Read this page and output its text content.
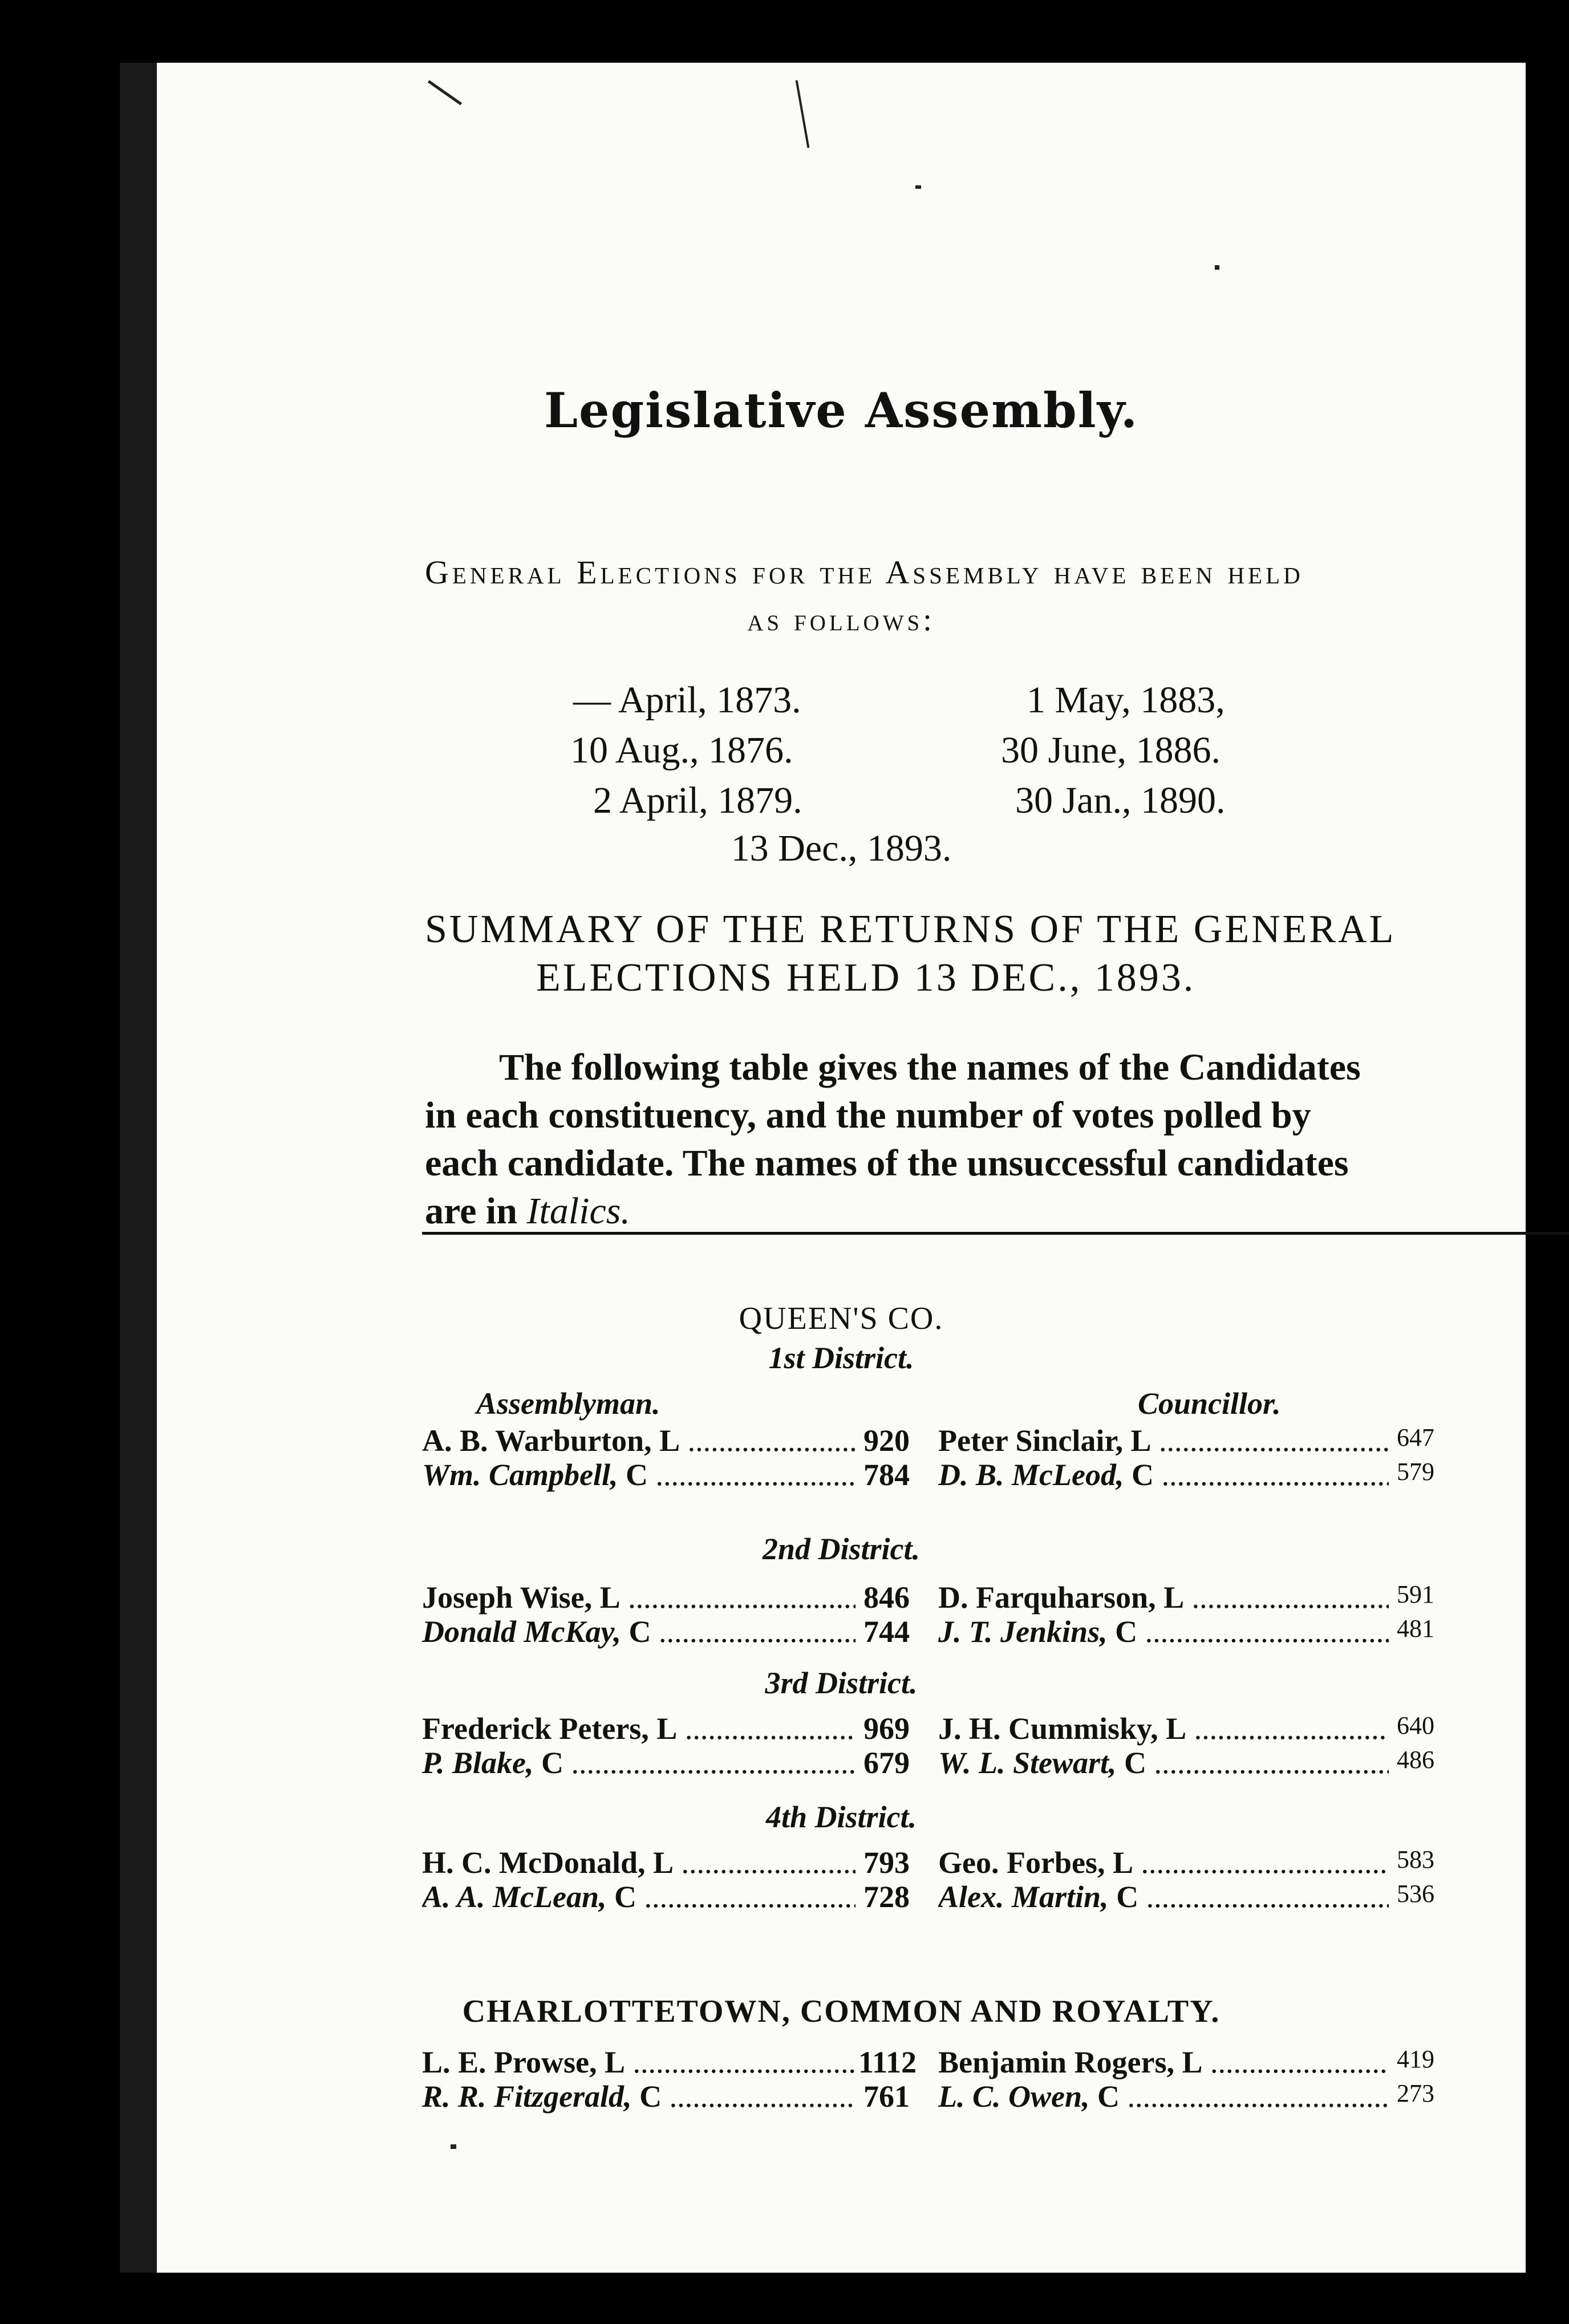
Legislative Assembly.
General Elections for the Assembly have been held
as follows:
— April, 1873.	1 May, 1883,
10 Aug., 1876.	30 June, 1886.
2 April, 1879.	30 Jan., 1890.
13 Dec., 1893.
SUMMARY OF THE RETURNS OF THE GENERAL
ELECTIONS HELD 13 DEC., 1893.
The following table gives the names of the Candidates
in each constituency, and the number of votes polled by
each candidate. The names of the unsuccessful candidates
are in Italics.
QUEEN'S CO.
1st District.
Assemblyman.	Councillor.
A. B. Warburton, L .....	920 Peter Sinclair, L .....	647
Wm. Campbell, C .....	784 D. B. McLeod, C .....	579
2nd District.
Joseph Wise, L .....	846 D. Farquharson, L .....	591
Donald McKay, C .....	744 J. T. Jenkins, C .....	481
3rd District.
Frederick Peters, L .....	969 J. H. Cummisky, L .....	640
P. Blake, C .....	679 W. L. Stewart, C .....	486
4th District.
H. C. McDonald, L .....	793 Geo. Forbes, L .....	583
A. A. McLean, C .....	728 Alex. Martin, C .....	536
CHARLOTTETOWN, COMMON AND ROYALTY.
L. E. Prowse, L .....	1112 Benjamin Rogers, L .....	419
R. R. Fitzgerald, C .....	761 L. C. Owen, C .....	273
